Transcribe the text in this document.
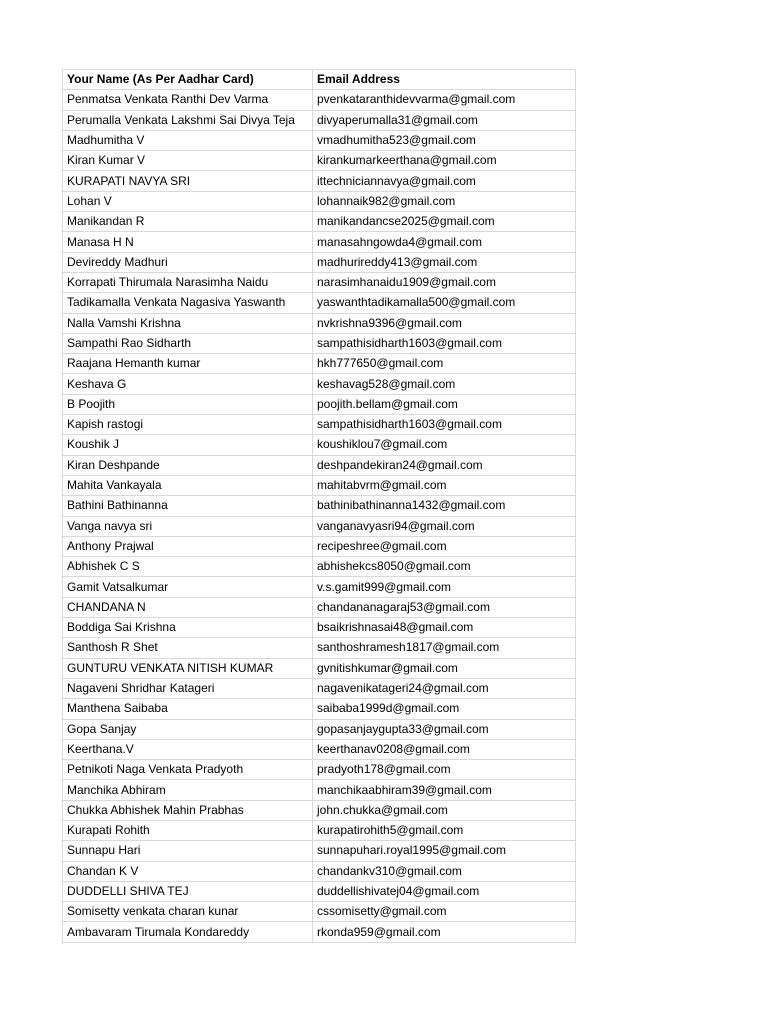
Your Name (As Per Aadhar Card)	Email Address
Penmatsa Venkata Ranthi Dev Varma	pvenkataranthidevvarma@gmail.com
Perumalla Venkata Lakshmi Sai Divya Teja	divyaperumalla31@gmail.com
Madhumitha V	vmadhumitha523@gmail.com
Kiran Kumar V	kirankumarkeerthana@gmail.com
KURAPATI NAVYA SRI	ittechniciannavya@gmail.com
Lohan V	lohannaik982@gmail.com
Manikandan R	manikandancse2025@gmail.com
Manasa H N	manasahngowda4@gmail.com
Devireddy Madhuri	madhurireddy413@gmail.com
Korrapati Thirumala Narasimha Naidu	narasimhanaidu1909@gmail.com
Tadikamalla Venkata Nagasiva Yaswanth	yaswanthtadikamalla500@gmail.com
Nalla Vamshi Krishna	nvkrishna9396@gmail.com
Sampathi Rao Sidharth	sampathisidharth1603@gmail.com
Raajana Hemanth kumar	hkh777650@gmail.com
Keshava G	keshavag528@gmail.com
B Poojith	poojith.bellam@gmail.com
Kapish rastogi	sampathisidharth1603@gmail.com
Koushik J	koushiklou7@gmail.com
Kiran Deshpande	deshpandekiran24@gmail.com
Mahita Vankayala	mahitabvrm@gmail.com
Bathini Bathinanna	bathinibathinanna1432@gmail.com
Vanga navya sri	vanganavyasri94@gmail.com
Anthony Prajwal	recipeshree@gmail.com
Abhishek C S	abhishekcs8050@gmail.com
Gamit Vatsalkumar	v.s.gamit999@gmail.com
CHANDANA N	chandananagaraj53@gmail.com
Boddiga Sai Krishna	bsaikrishnasai48@gmail.com
Santhosh R Shet	santhoshramesh1817@gmail.com
GUNTURU VENKATA NITISH KUMAR	gvnitishkumar@gmail.com
Nagaveni Shridhar Katageri	nagavenikatageri24@gmail.com
Manthena Saibaba	saibaba1999d@gmail.com
Gopa Sanjay	gopasanjaygupta33@gmail.com
Keerthana.V	keerthanav0208@gmail.com
Petnikoti Naga Venkata Pradyoth	pradyoth178@gmail.com
Manchika Abhiram	manchikaabhiram39@gmail.com
Chukka Abhishek Mahin Prabhas	john.chukka@gmail.com
Kurapati Rohith	kurapatirohith5@gmail.com
Sunnapu Hari	sunnapuhari.royal1995@gmail.com
Chandan K V	chandankv310@gmail.com
DUDDELLI SHIVA TEJ	duddellishivatej04@gmail.com
Somisetty venkata charan kunar	cssomisetty@gmail.com
Ambavaram Tirumala Kondareddy	rkonda959@gmail.com
